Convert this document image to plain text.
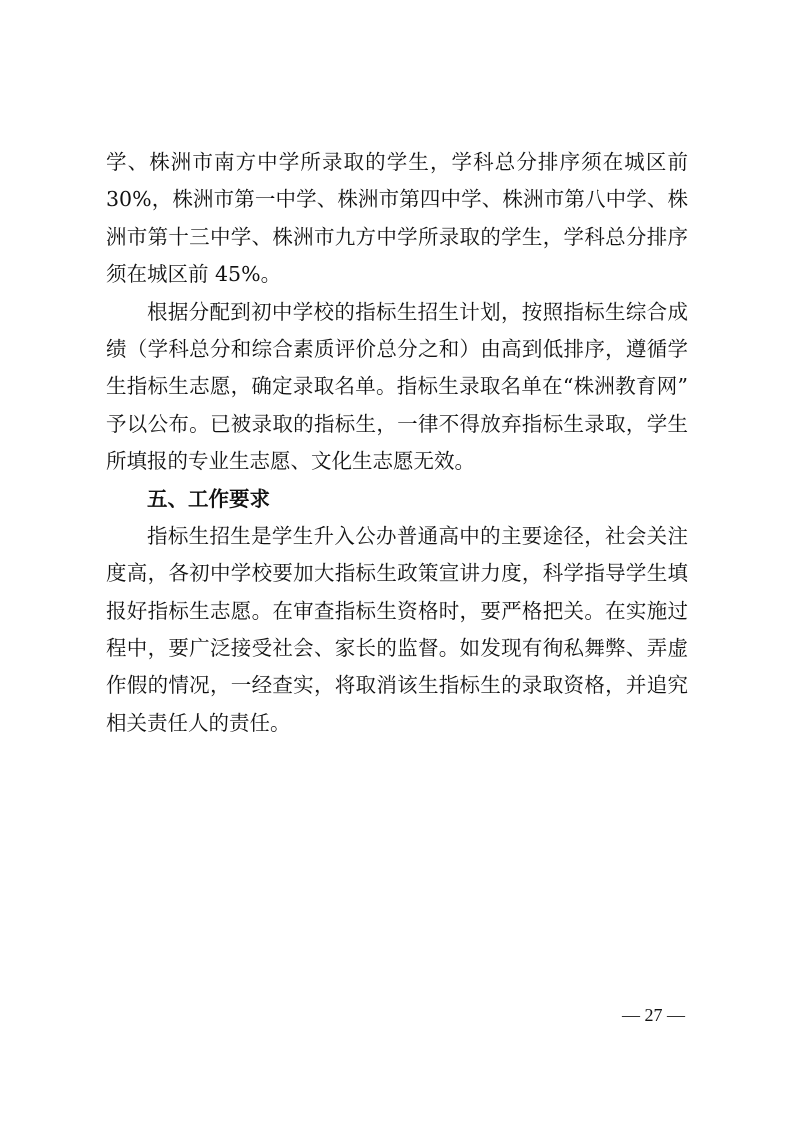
学、株洲市南方中学所录取的学生，学科总分排序须在城区前
30%，株洲市第一中学、株洲市第四中学、株洲市第八中学、株
洲市第十三中学、株洲市九方中学所录取的学生，学科总分排序
须在城区前 45%。
根据分配到初中学校的指标生招生计划，按照指标生综合成
绩（学科总分和综合素质评价总分之和）由高到低排序，遵循学
生指标生志愿，确定录取名单。指标生录取名单在“株洲教育网”
予以公布。已被录取的指标生，一律不得放弃指标生录取，学生
所填报的专业生志愿、文化生志愿无效。
五、工作要求
指标生招生是学生升入公办普通高中的主要途径，社会关注
度高，各初中学校要加大指标生政策宣讲力度，科学指导学生填
报好指标生志愿。在审查指标生资格时，要严格把关。在实施过
程中，要广泛接受社会、家长的监督。如发现有徇私舞弊、弄虚
作假的情况，一经查实，将取消该生指标生的录取资格，并追究
相关责任人的责任。
— 27 —
